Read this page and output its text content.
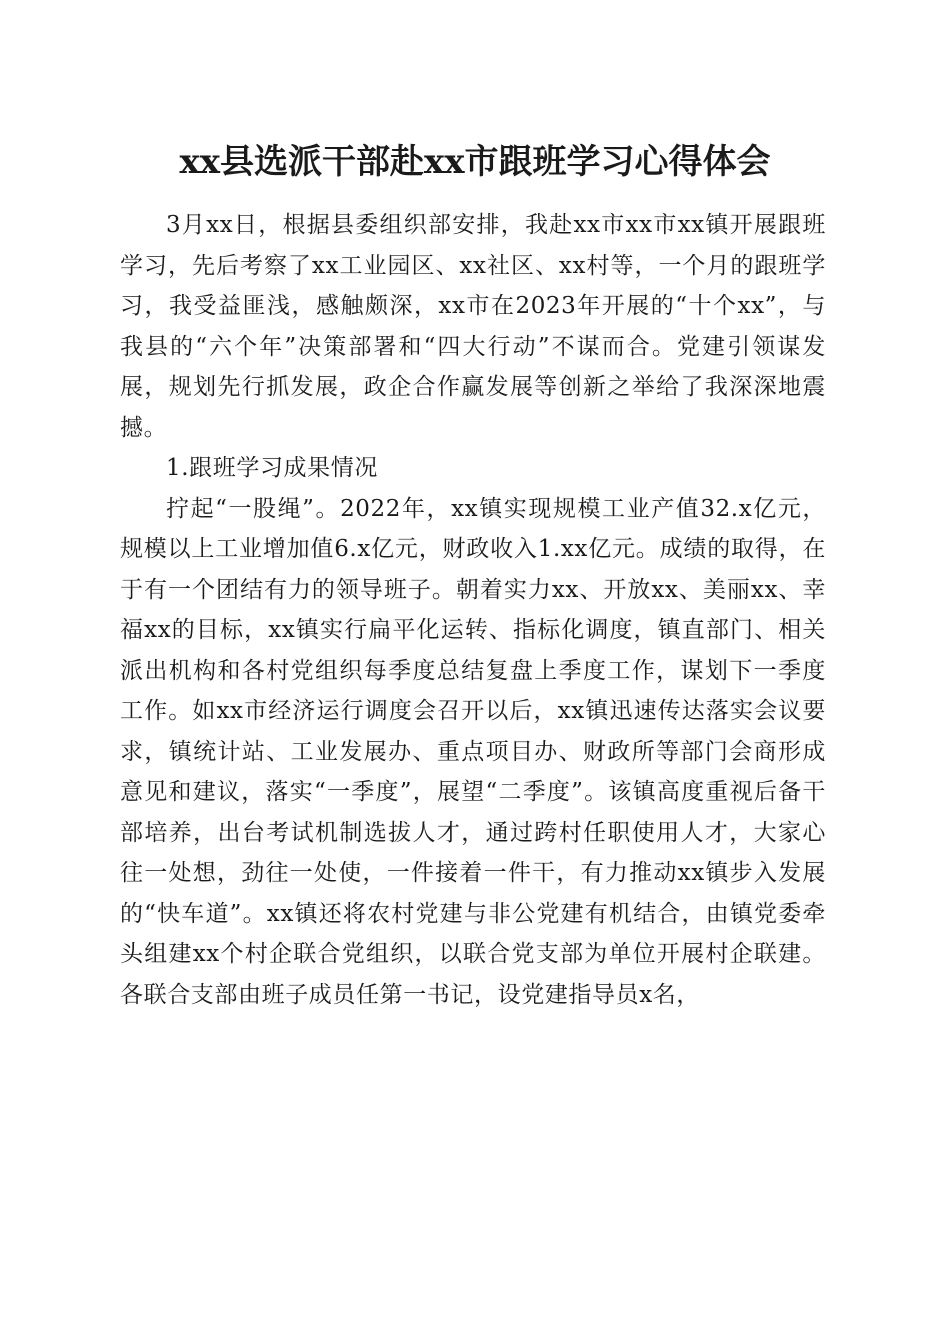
xx县选派干部赴xx市跟班学习心得体会

3月xx日，根据县委组织部安排，我赴xx市xx市xx镇开展跟班学习，先后考察了xx工业园区、xx社区、xx村等，一个月的跟班学习，我受益匪浅，感触颇深，xx市在2023年开展的“十个xx”，与我县的“六个年”决策部署和“四大行动”不谋而合。党建引领谋发展，规划先行抓发展，政企合作赢发展等创新之举给了我深深地震撼。

1.跟班学习成果情况

拧起“一股绳”。2022年，xx镇实现规模工业产值32.x亿元，规模以上工业增加值6.x亿元，财政收入1.xx亿元。成绩的取得，在于有一个团结有力的领导班子。朝着实力xx、开放xx、美丽xx、幸福xx的目标，xx镇实行扁平化运转、指标化调度，镇直部门、相关派出机构和各村党组织每季度总结复盘上季度工作，谋划下一季度工作。如xx市经济运行调度会召开以后，xx镇迅速传达落实会议要求，镇统计站、工业发展办、重点项目办、财政所等部门会商形成意见和建议，落实“一季度”，展望“二季度”。该镇高度重视后备干部培养，出台考试机制选拔人才，通过跨村任职使用人才，大家心往一处想，劲往一处使，一件接着一件干，有力推动xx镇步入发展的“快车道”。xx镇还将农村党建与非公党建有机结合，由镇党委牵头组建xx个村企联合党组织，以联合党支部为单位开展村企联建。各联合支部由班子成员任第一书记，设党建指导员x名，
